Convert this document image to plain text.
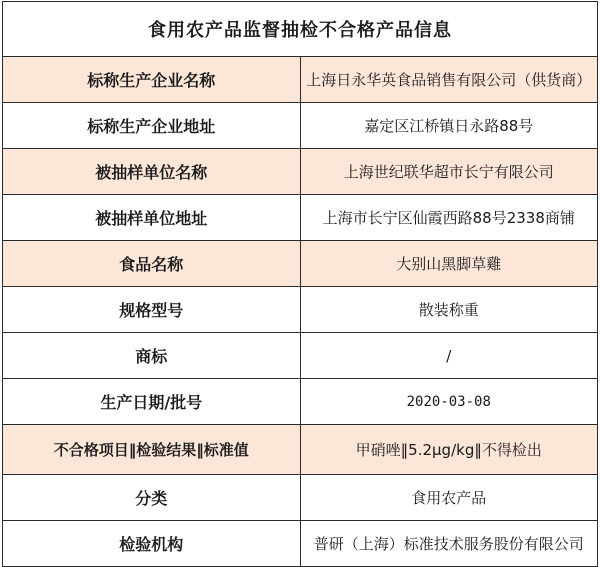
食用农产品监督抽检不合格产品信息	
标称生产企业名称	上海日永华英食品销售有限公司（供货商）
标称生产企业地址	嘉定区江桥镇日永路88号
被抽样单位名称	上海世纪联华超市长宁有限公司
被抽样单位地址	上海市长宁区仙霞西路88号2338商铺
食品名称	大别山黑脚草雞
规格型号	散装称重
商标	/
生产日期/批号	2020-03-08
不合格项目‖检验结果‖标准值	甲硝唑‖5.2μg/kg‖不得检出
分类	食用农产品
检验机构	普研（上海）标准技术服务股份有限公司
